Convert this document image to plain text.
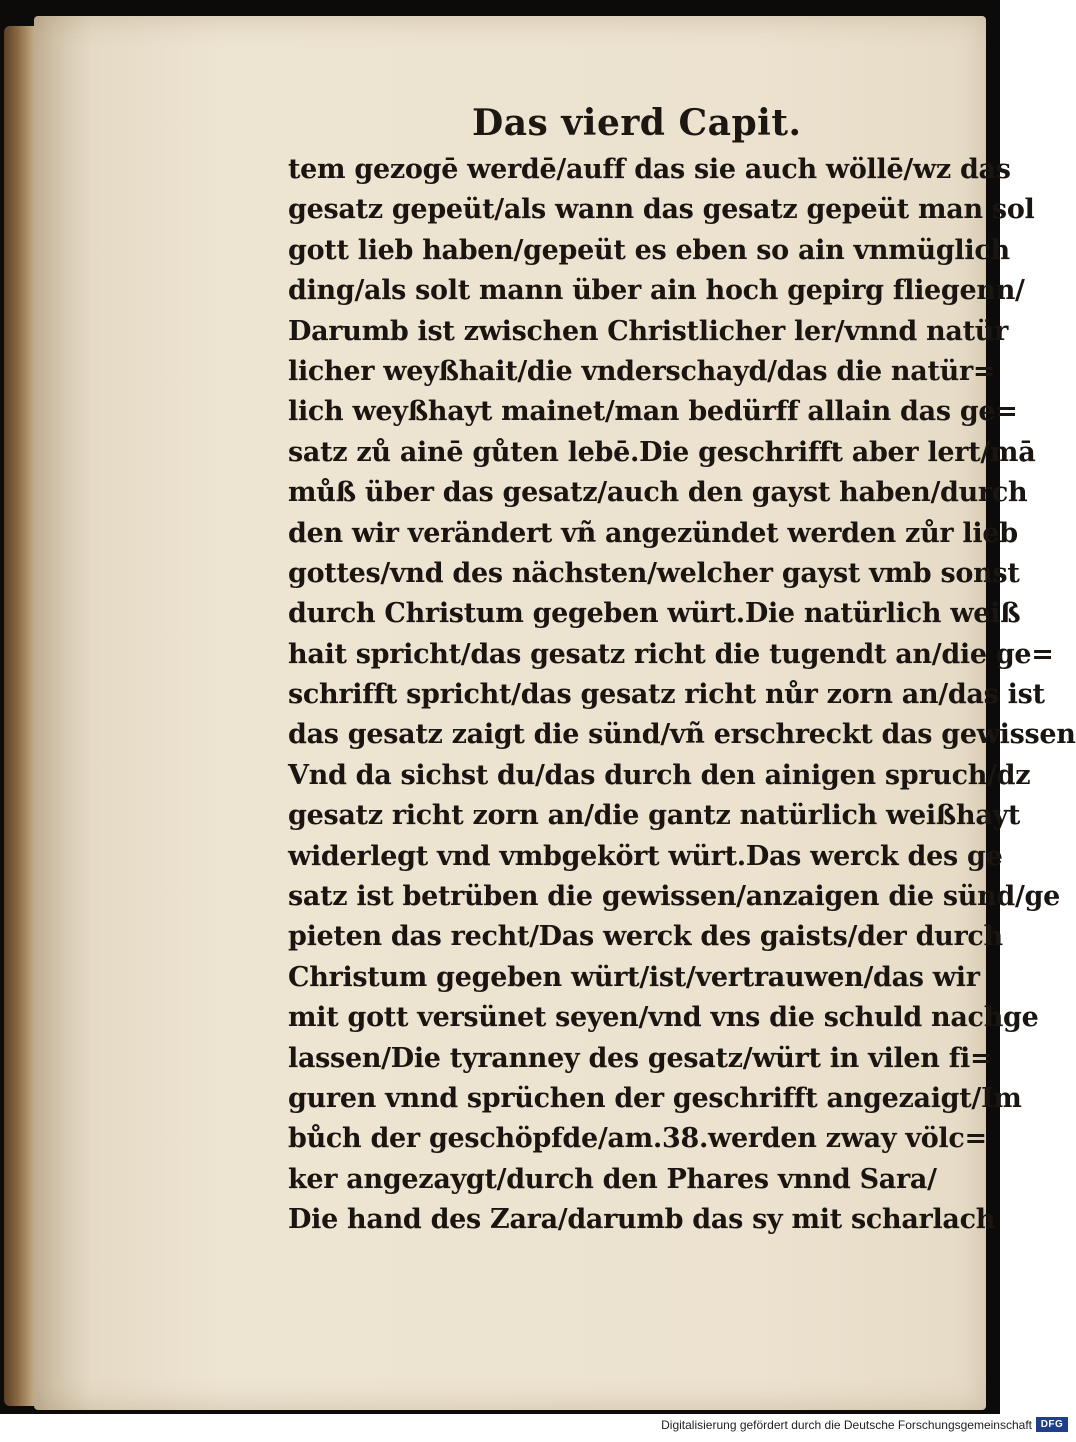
Das vierd Capit.
tem gezogē werdē/auff das sie auch wöllē/wz das
gesatz gepeüt/als wann das gesatz gepeüt man sol
gott lieb haben/gepeüt es eben so ain vnmüglich
ding/als solt mann über ain hoch gepirg fliegenn/
Darumb ist zwischen Christlicher ler/vnnd natür
licher weyßhait/die vnderschayd/das die natür=
lich weyßhayt mainet/man bedürff allain das ge=
satz zů ainē gůten lebē.Die geschrifft aber lert/mā
můß über das gesatz/auch den gayst haben/durch
den wir verändert vñ angezündet werden zůr lieb
gottes/vnd des nächsten/welcher gayst vmb sonst
durch Christum gegeben würt.Die natürlich weiß
hait spricht/das gesatz richt die tugendt an/die ge=
schrifft spricht/das gesatz richt nůr zorn an/das ist
das gesatz zaigt die sünd/vñ erschreckt das gewissen
Vnd da sichst du/das durch den ainigen spruch/dz
gesatz richt zorn an/die gantz natürlich weißhayt
widerlegt vnd vmbgekört würt.Das werck des ge
satz ist betrüben die gewissen/anzaigen die sünd/ge
pieten das recht/Das werck des gaists/der durch
Christum gegeben würt/ist/vertrauwen/das wir
mit gott versünet seyen/vnd vns die schuld nachge
lassen/Die tyranney des gesatz/würt in vilen fi=
guren vnnd sprüchen der geschrifft angezaigt/Im
bůch der geschöpfde/am.38.werden zway völc=
ker angezaygt/durch den Phares vnnd Sara/
Die hand des Zara/darumb das sy mit scharlach
Digitalisierung gefördert durch die Deutsche Forschungsgemeinschaft DFG
